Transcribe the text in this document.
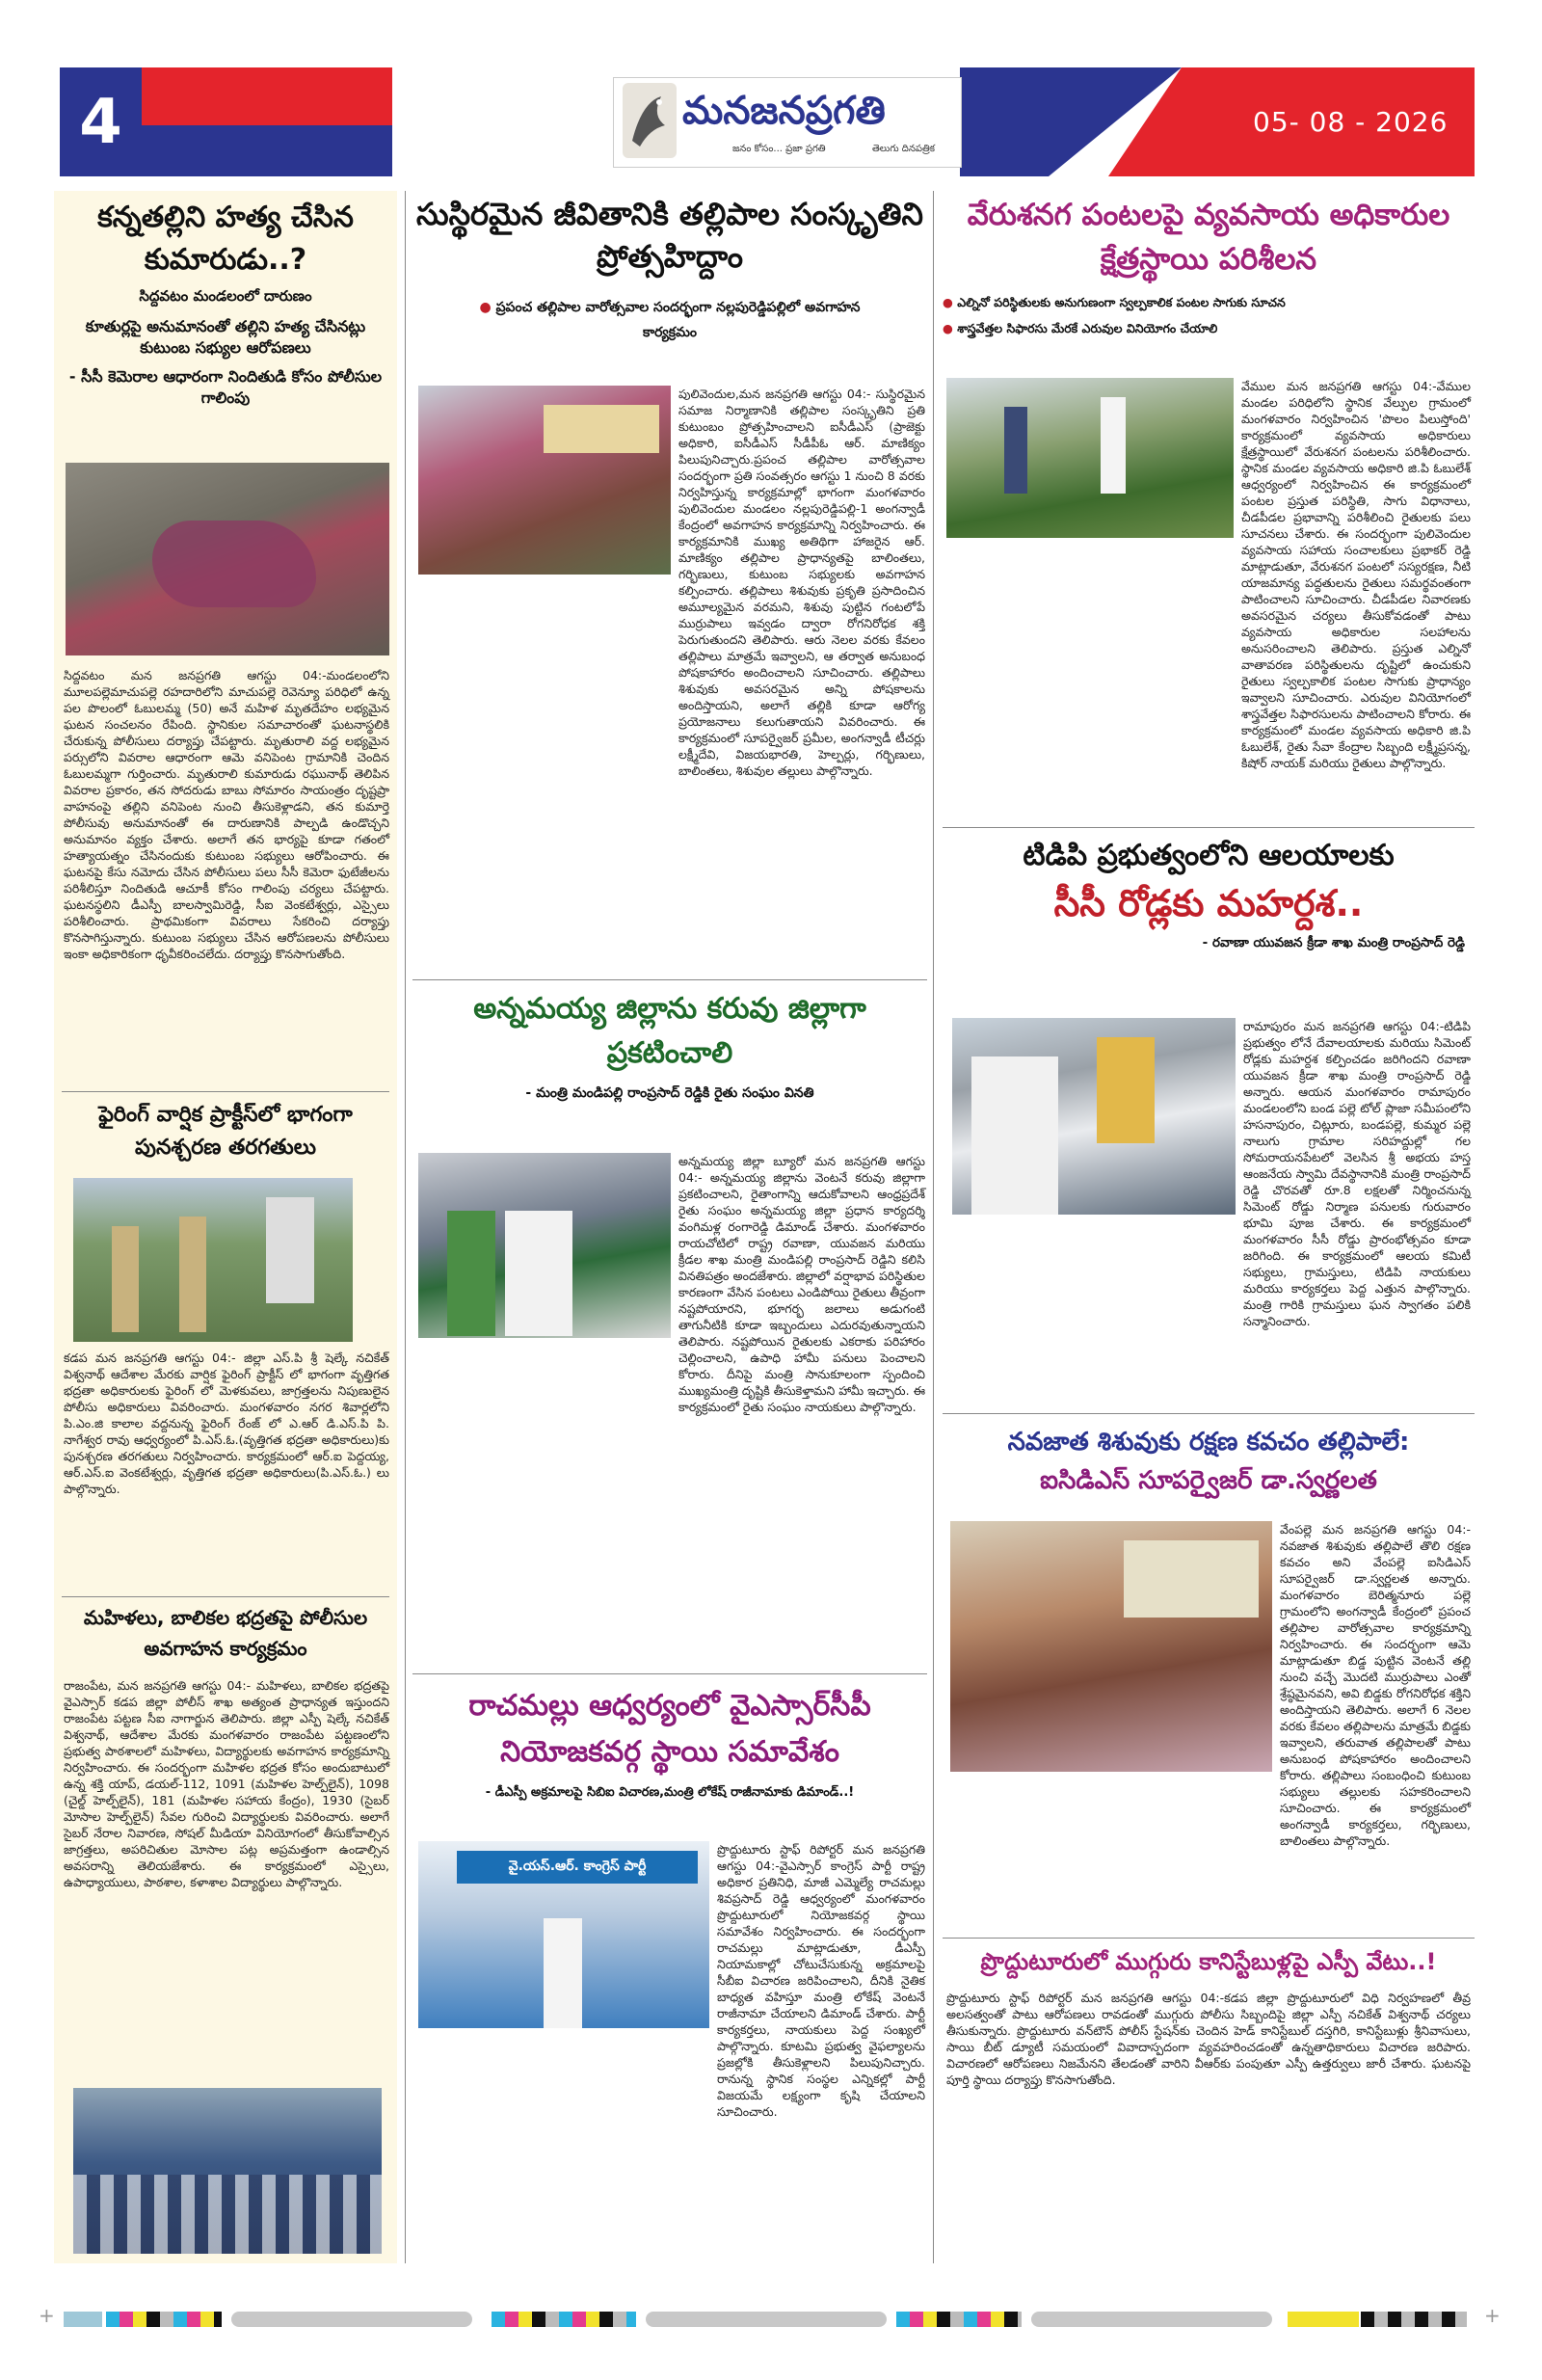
4	మనజనప్రగతి
జనం కోసం... ప్రజా ప్రగతి	తెలుగు దినపత్రిక
05- 08 - 2026
కన్నతల్లిని హత్య చేసిన కుమారుడు..?
సిద్దవటం మండలంలో దారుణం
కూతుర్లపై అనుమానంతో తల్లిని హత్య చేసినట్లు కుటుంబ సభ్యుల ఆరోపణలు
- సీసీ కెమెరాల ఆధారంగా నిందితుడి కోసం పోలీసుల గాలింపు
సిద్దవటం మన జనప్రగతి ఆగస్టు 04:-మండలంలోని మూలపల్లెమాచుపల్లె రహదారిలోని మాచుపల్లె రెవెన్యూ పరిధిలో ఉన్న పల పొలంలో ఓబులమ్మ (50) అనే మహిళ మృతదేహం లభ్యమైన ఘటన సంచలనం రేపింది. స్థానికుల సమాచారంతో ఘటనాస్థలికి చేరుకున్న పోలీసులు దర్యాప్తు చేపట్టారు. మృతురాలి వద్ద లభ్యమైన పర్సులోని వివరాల ఆధారంగా ఆమె వనిపెంట గ్రామానికి చెందిన ఓబులమ్మగా గుర్తించారు. మృతురాలి కుమారుడు రఘునాథ్ తెలిపిన వివరాల ప్రకారం, తన సోదరుడు బాబు సోమారం సాయంత్రం దృష్టప్రా వాహనంపై తల్లిని వనిపెంట నుంచి తీసుకెళ్లాడని, తన కుమార్తె పోలీసువు అనుమానంతో ఈ దారుణానికి పాల్పడి ఉండొచ్చని అనుమానం వ్యక్తం చేశారు. అలాగే తన భార్యపై కూడా గతంలో హత్యాయత్నం చేసినందుకు కుటుంబ సభ్యులు ఆరోపించారు. ఈ ఘటనపై కేసు నమోదు చేసిన పోలీసులు పలు సీసీ కెమెరా ఫుటేజీలను పరిశీలిస్తూ నిందితుడి ఆచూకీ కోసం గాలింపు చర్యలు చేపట్టారు. ఘటనస్థలిని డీఎస్పీ బాలస్వామిరెడ్డి, సీఐ వెంకటేశ్వర్లు, ఎస్సైలు పరిశీలించారు. ప్రాథమికంగా వివరాలు సేకరించి దర్యాప్తు కొనసాగిస్తున్నారు. కుటుంబ సభ్యులు చేసిన ఆరోపణలను పోలీసులు ఇంకా అధికారికంగా ధృవీకరించలేదు. దర్యాప్తు కొనసాగుతోంది.
ఫైరింగ్ వార్షిక ప్రాక్టీస్‌లో భాగంగా పునశ్చరణ తరగతులు
కడప మన జనప్రగతి ఆగస్టు 04:- జిల్లా ఎస్.పి శ్రీ షెల్కే నచికేత్ విశ్వనాథ్ ఆదేశాల మేరకు వార్షిక ఫైరింగ్ ప్రాక్టీస్ లో భాగంగా వృత్తిగత భద్రతా అధికారులకు ఫైరింగ్ లో మెళకువలు, జాగ్రత్తలను నిపుణులైన పోలీసు అధికారులు వివరించారు. మంగళవారం నగర శివార్లలోని పి.ఎం.జి కాలాల వద్దనున్న ఫైరింగ్ రేంజ్ లో ఎ.ఆర్ డి.ఎస్.పి పి. నాగేశ్వర రావు ఆధ్వర్యంలో పి.ఎస్.ఓ.(వృత్తిగత భద్రతా అధికారులు)కు పునశ్చరణ తరగతులు నిర్వహించారు. కార్యక్రమంలో ఆర్.ఐ పెద్దయ్య, ఆర్.ఎస్.ఐ వెంకటేశ్వర్లు, వృత్తిగత భద్రతా అధికారులు(పి.ఎస్.ఓ.) లు పాల్గొన్నారు.
మహిళలు, బాలికల భద్రతపై పోలీసుల అవగాహన కార్యక్రమం
రాజంపేట, మన జనప్రగతి ఆగస్టు 04:- మహిళలు, బాలికల భద్రతపై వైఎస్సార్ కడప జిల్లా పోలీస్ శాఖ అత్యంత ప్రాధాన్యత ఇస్తుందని రాజంపేట పట్టణ సీఐ నాగార్జున తెలిపారు. జిల్లా ఎస్పీ షెల్కే నచికేత్ విశ్వనాథ్, ఆదేశాల మేరకు మంగళవారం రాజంపేట పట్టణంలోని ప్రభుత్వ పాఠశాలలో మహిళలు, విద్యార్థులకు అవగాహన కార్యక్రమాన్ని నిర్వహించారు. ఈ సందర్భంగా మహిళల భద్రత కోసం అందుబాటులో ఉన్న శక్తి యాప్, డయల్-112, 1091 (మహిళల హెల్ప్‌లైన్), 1098 (చైల్డ్ హెల్ప్‌లైన్), 181 (మహిళల సహాయ కేంద్రం), 1930 (సైబర్ మోసాల హెల్ప్‌లైన్) సేవల గురించి విద్యార్థులకు వివరించారు. అలాగే సైబర్ నేరాల నివారణ, సోషల్ మీడియా వినియోగంలో తీసుకోవాల్సిన జాగ్రత్తలు, అపరిచితుల మోసాల పట్ల అప్రమత్తంగా ఉండాల్సిన అవసరాన్ని తెలియజేశారు. ఈ కార్యక్రమంలో ఎస్సైలు, ఉపాధ్యాయులు, పాఠశాల, కళాశాల విద్యార్థులు పాల్గొన్నారు.
సుస్థిరమైన జీవితానికి తల్లిపాల సంస్కృతిని ప్రోత్సహిద్దాం
● ప్రపంచ తల్లిపాల వారోత్సవాల సందర్భంగా నల్లపురెడ్డిపల్లిలో అవగాహన కార్యక్రమం
పులివెందుల,మన జనప్రగతి ఆగస్టు 04:- సుస్థిరమైన సమాజ నిర్మాణానికి తల్లిపాల సంస్కృతిని ప్రతి కుటుంబం ప్రోత్సహించాలని ఐసీడీఎస్ (ప్రాజెక్టు అధికారి, ఐసీడీఎస్ సీడీపీఓ ఆర్. మాణిక్యం పిలుపునిచ్చారు.ప్రపంచ తల్లిపాల వారోత్సవాల సందర్భంగా ప్రతి సంవత్సరం ఆగస్టు 1 నుంచి 8 వరకు నిర్వహిస్తున్న కార్యక్రమాల్లో భాగంగా మంగళవారం పులివెందుల మండలం నల్లపురెడ్డిపల్లి-1 అంగన్వాడీ కేంద్రంలో అవగాహన కార్యక్రమాన్ని నిర్వహించారు. ఈ కార్యక్రమానికి ముఖ్య అతిథిగా హాజరైన ఆర్. మాణిక్యం తల్లిపాల ప్రాధాన్యతపై బాలింతలు, గర్భిణులు, కుటుంబ సభ్యులకు అవగాహన కల్పించారు. తల్లిపాలు శిశువుకు ప్రకృతి ప్రసాదించిన అమూల్యమైన వరమని, శిశువు పుట్టిన గంటలోపే ముర్రుపాలు ఇవ్వడం ద్వారా రోగనిరోధక శక్తి పెరుగుతుందని తెలిపారు. ఆరు నెలల వరకు కేవలం తల్లిపాలు మాత్రమే ఇవ్వాలని, ఆ తర్వాత అనుబంధ పోషకాహారం అందించాలని సూచించారు. తల్లిపాలు శిశువుకు అవసరమైన అన్ని పోషకాలను అందిస్తాయని, అలాగే తల్లికి కూడా ఆరోగ్య ప్రయోజనాలు కలుగుతాయని వివరించారు. ఈ కార్యక్రమంలో సూపర్వైజర్ ప్రమీల, అంగన్వాడీ టీచర్లు లక్ష్మీదేవి, విజయభారతి, హెల్పర్లు, గర్భిణులు, బాలింతలు, శిశువుల తల్లులు పాల్గొన్నారు.
అన్నమయ్య జిల్లాను కరువు జిల్లాగా ప్రకటించాలి
- మంత్రి మండిపల్లి రాంప్రసాద్ రెడ్డికి రైతు సంఘం వినతి
అన్నమయ్య జిల్లా బ్యూరో మన జనప్రగతి ఆగస్టు 04:- అన్నమయ్య జిల్లాను వెంటనే కరువు జిల్లాగా ప్రకటించాలని, రైతాంగాన్ని ఆదుకోవాలని ఆంధ్రప్రదేశ్ రైతు సంఘం అన్నమయ్య జిల్లా ప్రధాన కార్యదర్శి వంగిమళ్ల రంగారెడ్డి డిమాండ్ చేశారు. మంగళవారం రాయచోటిలో రాష్ట్ర రవాణా, యువజన మరియు క్రీడల శాఖ మంత్రి మండిపల్లి రాంప్రసాద్ రెడ్డిని కలిసి వినతిపత్రం అందజేశారు. జిల్లాలో వర్షాభావ పరిస్థితుల కారణంగా వేసిన పంటలు ఎండిపోయి రైతులు తీవ్రంగా నష్టపోయారని, భూగర్భ జలాలు అడుగంటి తాగునీటికి కూడా ఇబ్బందులు ఎదురవుతున్నాయని తెలిపారు. నష్టపోయిన రైతులకు ఎకరాకు పరిహారం చెల్లించాలని, ఉపాధి హామీ పనులు పెంచాలని కోరారు. దీనిపై మంత్రి సానుకూలంగా స్పందించి ముఖ్యమంత్రి దృష్టికి తీసుకెళ్తామని హామీ ఇచ్చారు. ఈ కార్యక్రమంలో రైతు సంఘం నాయకులు పాల్గొన్నారు.
రాచమల్లు ఆధ్వర్యంలో వైఎస్సార్‌సీపీ నియోజకవర్గ స్థాయి సమావేశం
- డీఎస్పీ అక్రమాలపై సిబిఐ విచారణ,మంత్రి లోకేష్ రాజీనామాకు డిమాండ్..!
వై.యస్.ఆర్. కాంగ్రెస్ పార్టీ
ప్రొద్దుటూరు స్టాఫ్ రిపోర్టర్ మన జనప్రగతి ఆగస్టు 04:-వైఎస్సార్ కాంగ్రెస్ పార్టీ రాష్ట్ర అధికార ప్రతినిధి, మాజీ ఎమ్మెల్యే రాచమల్లు శివప్రసాద్ రెడ్డి ఆధ్వర్యంలో మంగళవారం ప్రొద్దుటూరులో నియోజకవర్గ స్థాయి సమావేశం నిర్వహించారు. ఈ సందర్భంగా రాచమల్లు మాట్లాడుతూ, డీఎస్పీ నియామకాల్లో చోటుచేసుకున్న అక్రమాలపై సీబీఐ విచారణ జరిపించాలని, దీనికి నైతిక బాధ్యత వహిస్తూ మంత్రి లోకేష్ వెంటనే రాజీనామా చేయాలని డిమాండ్ చేశారు. పార్టీ కార్యకర్తలు, నాయకులు పెద్ద సంఖ్యలో పాల్గొన్నారు. కూటమి ప్రభుత్వ వైఫల్యాలను ప్రజల్లోకి తీసుకెళ్లాలని పిలుపునిచ్చారు. రానున్న స్థానిక సంస్థల ఎన్నికల్లో పార్టీ విజయమే లక్ష్యంగా కృషి చేయాలని సూచించారు.
వేరుశనగ పంటలపై వ్యవసాయ అధికారుల క్షేత్రస్థాయి పరిశీలన
● ఎల్నినో పరిస్థితులకు అనుగుణంగా స్వల్పకాలిక పంటల సాగుకు సూచన
● శాస్త్రవేత్తల సిఫారసు మేరకే ఎరువుల వినియోగం చేయాలి
వేముల మన జనప్రగతి ఆగస్టు 04:-వేముల మండల పరిధిలోని స్థానిక వేల్పుల గ్రామంలో మంగళవారం నిర్వహించిన 'పొలం పిలుస్తోంది' కార్యక్రమంలో వ్యవసాయ అధికారులు క్షేత్రస్థాయిలో వేరుశనగ పంటలను పరిశీలించారు. స్థానిక మండల వ్యవసాయ అధికారి జి.పి ఓబులేశ్ ఆధ్వర్యంలో నిర్వహించిన ఈ కార్యక్రమంలో పంటల ప్రస్తుత పరిస్థితి, సాగు విధానాలు, చీడపీడల ప్రభావాన్ని పరిశీలించి రైతులకు పలు సూచనలు చేశారు. ఈ సందర్భంగా పులివెందుల వ్యవసాయ సహాయ సంచాలకులు ప్రభాకర్ రెడ్డి మాట్లాడుతూ, వేరుశనగ పంటలో సస్యరక్షణ, నీటి యాజమాన్య పద్ధతులను రైతులు సమర్థవంతంగా పాటించాలని సూచించారు. చీడపీడల నివారణకు అవసరమైన చర్యలు తీసుకోవడంతో పాటు వ్యవసాయ అధికారుల సలహాలను అనుసరించాలని తెలిపారు. ప్రస్తుత ఎల్నినో వాతావరణ పరిస్థితులను దృష్టిలో ఉంచుకుని రైతులు స్వల్పకాలిక పంటల సాగుకు ప్రాధాన్యం ఇవ్వాలని సూచించారు. ఎరువుల వినియోగంలో శాస్త్రవేత్తల సిఫారసులను పాటించాలని కోరారు. ఈ కార్యక్రమంలో మండల వ్యవసాయ అధికారి జి.పి ఓబులేశ్, రైతు సేవా కేంద్రాల సిబ్బంది లక్ష్మీప్రసన్న, కిషోర్ నాయక్ మరియు రైతులు పాల్గొన్నారు.
టిడిపి ప్రభుత్వంలోని ఆలయాలకు
సీసీ రోడ్లకు మహర్దశ..
- రవాణా యువజన క్రీడా శాఖ మంత్రి రాంప్రసాద్ రెడ్డి
రామాపురం మన జనప్రగతి ఆగస్టు 04:-టిడిపి ప్రభుత్వం లోనే దేవాలయాలకు మరియు సిమెంట్ రోడ్లకు మహర్దశ కల్పించడం జరిగిందని రవాణా యువజన క్రీడా శాఖ మంత్రి రాంప్రసాద్ రెడ్డి అన్నారు. ఆయన మంగళవారం రామాపురం మండలంలోని బండ పల్లె టోల్ ప్లాజా సమీపంలోని హసనాపురం, చిట్లూరు, బండపల్లె, కుమ్మర పల్లె నాలుగు గ్రామాల సరిహద్దుల్లో గల సోమరాయనపేటలో వెలసిన శ్రీ అభయ హస్త ఆంజనేయ స్వామి దేవస్థానానికి మంత్రి రాంప్రసాద్ రెడ్డి చొరవతో రూ.8 లక్షలతో నిర్మించనున్న సిమెంట్ రోడ్డు నిర్మాణ పనులకు గురువారం భూమి పూజ చేశారు. ఈ కార్యక్రమంలో మంగళవారం సీసీ రోడ్డు ప్రారంభోత్సవం కూడా జరిగింది. ఈ కార్యక్రమంలో ఆలయ కమిటీ సభ్యులు, గ్రామస్తులు, టిడిపి నాయకులు మరియు కార్యకర్తలు పెద్ద ఎత్తున పాల్గొన్నారు. మంత్రి గారికి గ్రామస్తులు ఘన స్వాగతం పలికి సన్మానించారు.
నవజాత శిశువుకు రక్షణ కవచం తల్లిపాలే:
ఐసిడిఎస్ సూపర్వైజర్ డా.స్వర్ణలత
వేంపల్లె మన జనప్రగతి ఆగస్టు 04:-నవజాత శిశువుకు తల్లిపాలే తొలి రక్షణ కవచం అని వేంపల్లె ఐసిడిఎస్ సూపర్వైజర్ డా.స్వర్ణలత అన్నారు. మంగళవారం బెరిత్మనూరు పల్లె గ్రామంలోని అంగన్వాడీ కేంద్రంలో ప్రపంచ తల్లిపాల వారోత్సవాల కార్యక్రమాన్ని నిర్వహించారు. ఈ సందర్భంగా ఆమె మాట్లాడుతూ బిడ్డ పుట్టిన వెంటనే తల్లి నుంచి వచ్చే మొదటి ముర్రుపాలు ఎంతో శ్రేష్ఠమైనవని, అవి బిడ్డకు రోగనిరోధక శక్తిని అందిస్తాయని తెలిపారు. అలాగే 6 నెలల వరకు కేవలం తల్లిపాలను మాత్రమే బిడ్డకు ఇవ్వాలని, తరువాత తల్లిపాలతో పాటు అనుబంధ పోషకాహారం అందించాలని కోరారు. తల్లిపాలు సంబంధించి కుటుంబ సభ్యులు తల్లులకు సహకరించాలని సూచించారు. ఈ కార్యక్రమంలో అంగన్వాడీ కార్యకర్తలు, గర్భిణులు, బాలింతలు పాల్గొన్నారు.
ప్రొద్దుటూరులో ముగ్గురు కానిస్టేబుళ్లపై ఎస్పీ వేటు..!
ప్రొద్దుటూరు స్టాఫ్ రిపోర్టర్ మన జనప్రగతి ఆగస్టు 04:-కడప జిల్లా ప్రొద్దుటూరులో విధి నిర్వహణలో తీవ్ర అలసత్వంతో పాటు ఆరోపణలు రావడంతో ముగ్గురు పోలీసు సిబ్బందిపై జిల్లా ఎస్పీ నచికేత్ విశ్వనాథ్ చర్యలు తీసుకున్నారు. ప్రొద్దుటూరు వన్‌టౌన్ పోలీస్ స్టేషన్‌కు చెందిన హెడ్ కానిస్టేబుల్ దస్తగిరి, కానిస్టేబుళ్లు శ్రీనివాసులు, సాయి బీట్ డ్యూటీ సమయంలో వివాదాస్పదంగా వ్యవహరించడంతో ఉన్నతాధికారులు విచారణ జరిపారు. విచారణలో ఆరోపణలు నిజమేనని తేలడంతో వారిని వీఆర్‌కు పంపుతూ ఎస్పీ ఉత్తర్వులు జారీ చేశారు. ఘటనపై పూర్తి స్థాయి దర్యాప్తు కొనసాగుతోంది.
+	+
